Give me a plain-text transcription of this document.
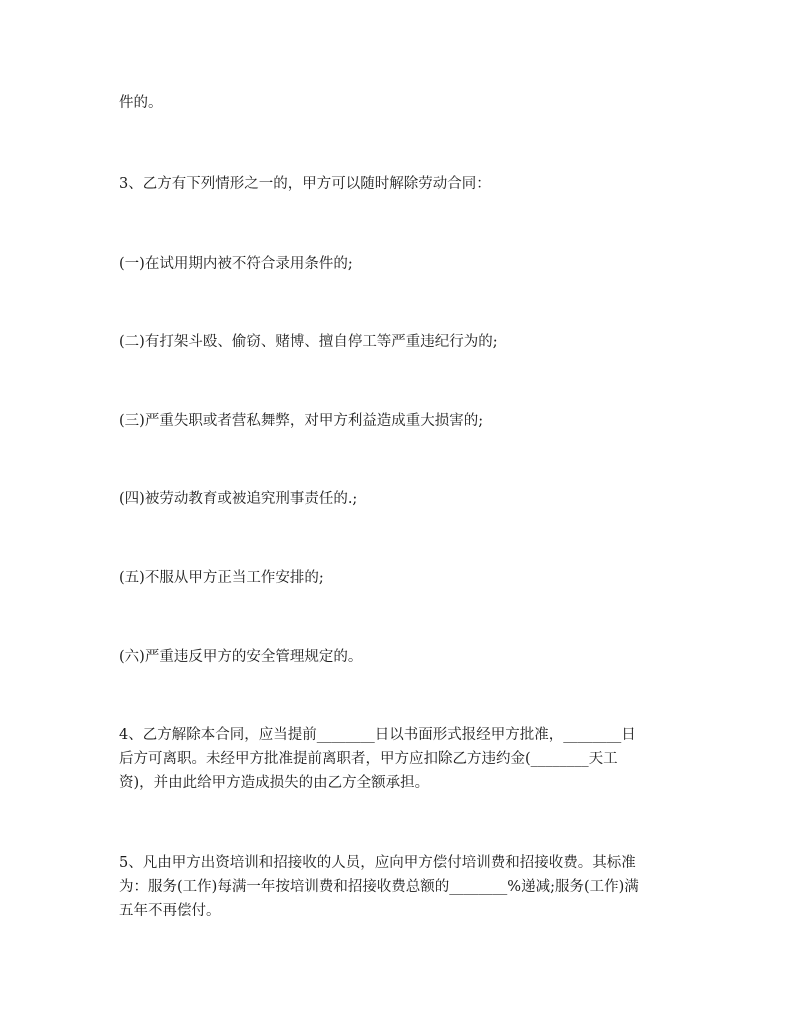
件的。

3、乙方有下列情形之一的，甲方可以随时解除劳动合同：

(一)在试用期内被不符合录用条件的;

(二)有打架斗殴、偷窃、赌博、擅自停工等严重违纪行为的;

(三)严重失职或者营私舞弊，对甲方利益造成重大损害的;

(四)被劳动教育或被追究刑事责任的.;

(五)不服从甲方正当工作安排的;

(六)严重违反甲方的安全管理规定的。

4、乙方解除本合同，应当提前________日以书面形式报经甲方批准，________日
后方可离职。未经甲方批准提前离职者，甲方应扣除乙方违约金(________天工
资)，并由此给甲方造成损失的由乙方全额承担。

5、凡由甲方出资培训和招接收的人员，应向甲方偿付培训费和招接收费。其标准
为：服务(工作)每满一年按培训费和招接收费总额的________%递减;服务(工作)满
五年不再偿付。
